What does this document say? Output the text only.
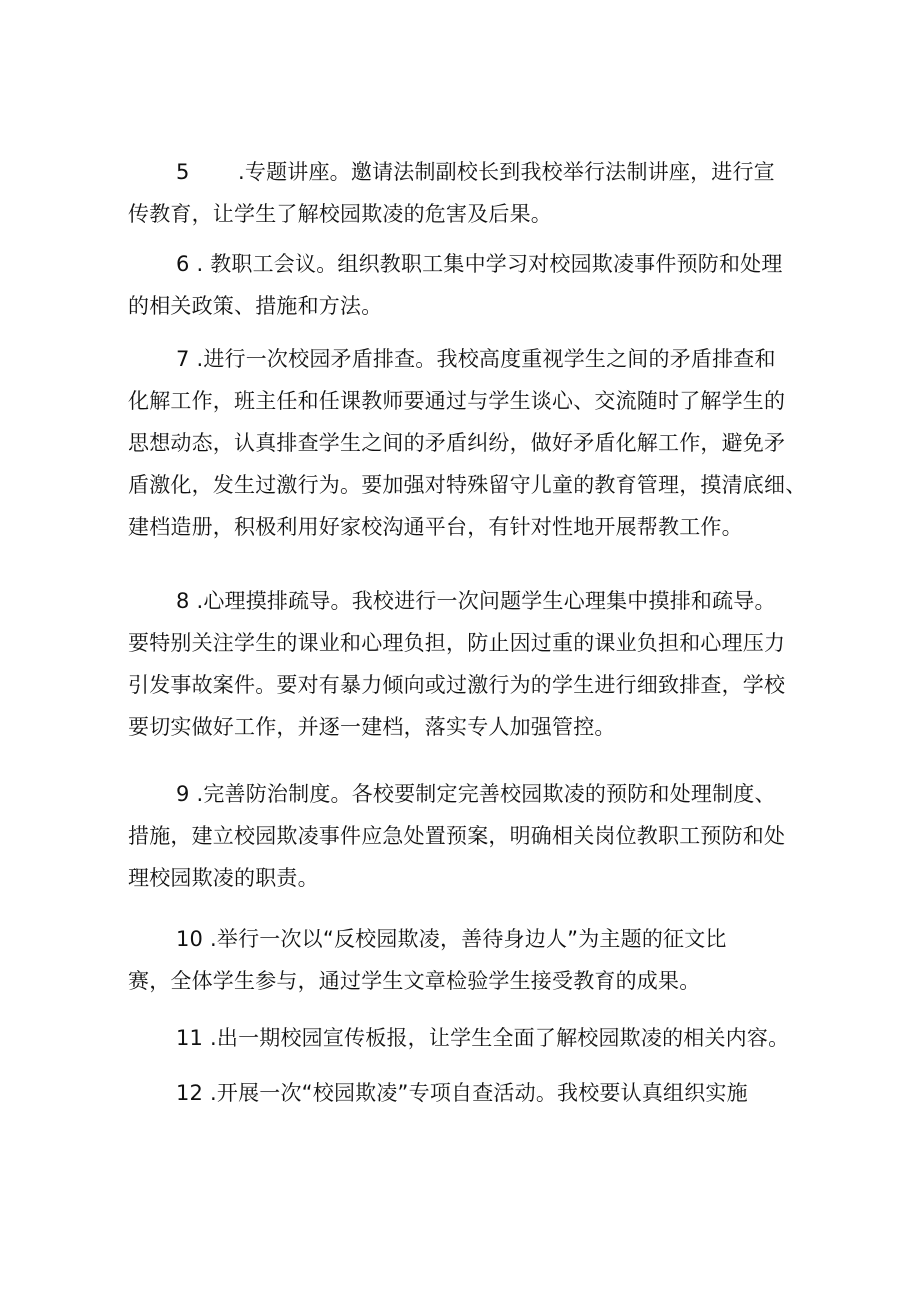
5 .专题讲座。邀请法制副校长到我校举行法制讲座，进行宣
传教育，让学生了解校园欺凌的危害及后果。
6 . 教职工会议。组织教职工集中学习对校园欺凌事件预防和处理
的相关政策、措施和方法。
7 .进行一次校园矛盾排查。我校高度重视学生之间的矛盾排查和
化解工作，班主任和任课教师要通过与学生谈心、交流随时了解学生的
思想动态，认真排查学生之间的矛盾纠纷，做好矛盾化解工作，避免矛
盾激化，发生过激行为。要加强对特殊留守儿童的教育管理，摸清底细、
建档造册，积极利用好家校沟通平台，有针对性地开展帮教工作。
8 .心理摸排疏导。我校进行一次问题学生心理集中摸排和疏导。
要特别关注学生的课业和心理负担，防止因过重的课业负担和心理压力
引发事故案件。要对有暴力倾向或过激行为的学生进行细致排查，学校
要切实做好工作，并逐一建档，落实专人加强管控。
9 .完善防治制度。各校要制定完善校园欺凌的预防和处理制度、
措施，建立校园欺凌事件应急处置预案，明确相关岗位教职工预防和处
理校园欺凌的职责。
10 .举行一次以“反校园欺凌，善待身边人”为主题的征文比
赛，全体学生参与，通过学生文章检验学生接受教育的成果。
11 .出一期校园宣传板报，让学生全面了解校园欺凌的相关内容。
12 .开展一次“校园欺凌”专项自查活动。我校要认真组织实施
